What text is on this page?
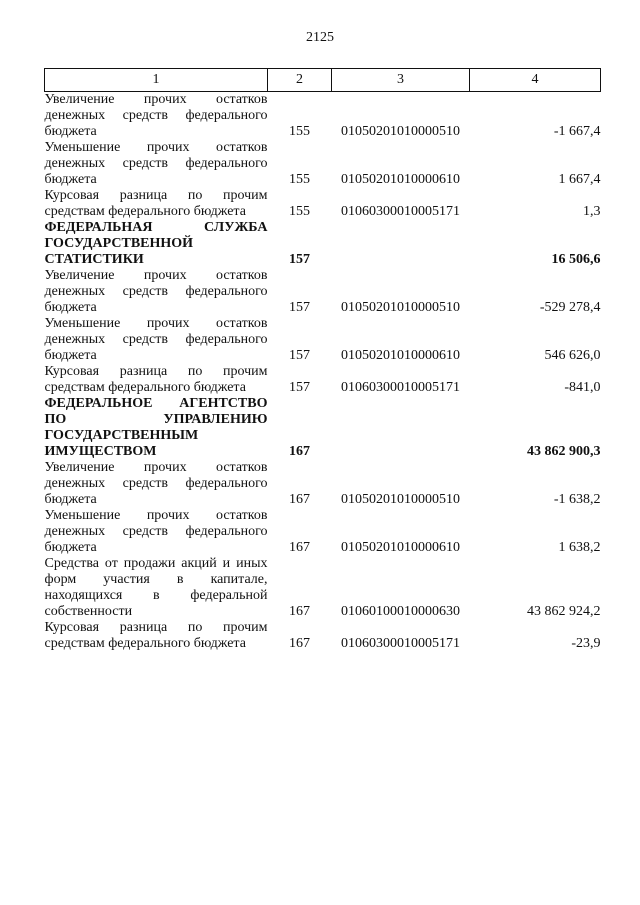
2125
1	2	3	4
Увеличение прочих остатков денежных средств федерального бюджета	155	01050201010000510	-1 667,4
Уменьшение прочих остатков денежных средств федерального бюджета	155	01050201010000610	1 667,4
Курсовая разница по прочим средствам федерального бюджета	155	01060300010005171	1,3
ФЕДЕРАЛЬНАЯ СЛУЖБА ГОСУДАРСТВЕННОЙ СТАТИСТИКИ	157		16 506,6
Увеличение прочих остатков денежных средств федерального бюджета	157	01050201010000510	-529 278,4
Уменьшение прочих остатков денежных средств федерального бюджета	157	01050201010000610	546 626,0
Курсовая разница по прочим средствам федерального бюджета	157	01060300010005171	-841,0
ФЕДЕРАЛЬНОЕ АГЕНТСТВО ПО УПРАВЛЕНИЮ ГОСУДАРСТВЕННЫМ ИМУЩЕСТВОМ	167		43 862 900,3
Увеличение прочих остатков денежных средств федерального бюджета	167	01050201010000510	-1 638,2
Уменьшение прочих остатков денежных средств федерального бюджета	167	01050201010000610	1 638,2
Средства от продажи акций и иных форм участия в капитале, находящихся в федеральной собственности	167	01060100010000630	43 862 924,2
Курсовая разница по прочим средствам федерального бюджета	167	01060300010005171	-23,9
